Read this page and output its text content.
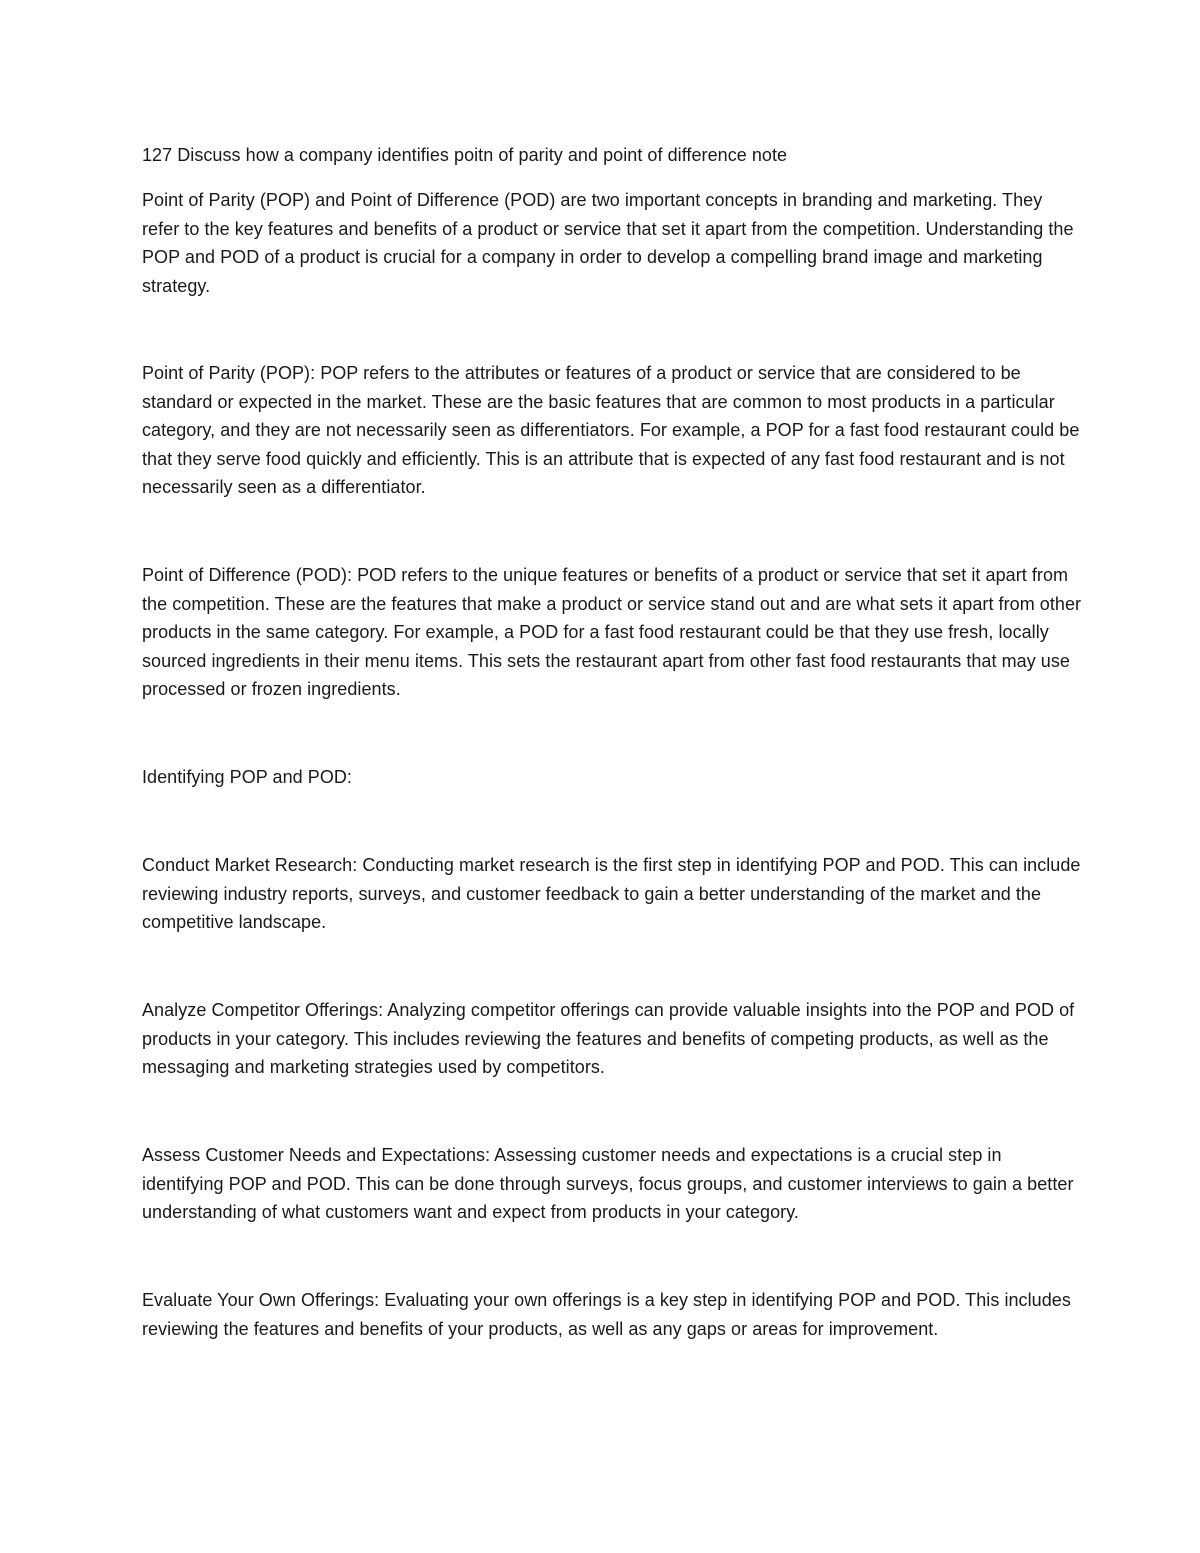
127 Discuss how a company identifies poitn of parity and point of difference note

Point of Parity (POP) and Point of Difference (POD) are two important concepts in branding and marketing. They refer to the key features and benefits of a product or service that set it apart from the competition. Understanding the POP and POD of a product is crucial for a company in order to develop a compelling brand image and marketing strategy.

Point of Parity (POP): POP refers to the attributes or features of a product or service that are considered to be standard or expected in the market. These are the basic features that are common to most products in a particular category, and they are not necessarily seen as differentiators. For example, a POP for a fast food restaurant could be that they serve food quickly and efficiently. This is an attribute that is expected of any fast food restaurant and is not necessarily seen as a differentiator.

Point of Difference (POD): POD refers to the unique features or benefits of a product or service that set it apart from the competition. These are the features that make a product or service stand out and are what sets it apart from other products in the same category. For example, a POD for a fast food restaurant could be that they use fresh, locally sourced ingredients in their menu items. This sets the restaurant apart from other fast food restaurants that may use processed or frozen ingredients.

Identifying POP and POD:

Conduct Market Research: Conducting market research is the first step in identifying POP and POD. This can include reviewing industry reports, surveys, and customer feedback to gain a better understanding of the market and the competitive landscape.

Analyze Competitor Offerings: Analyzing competitor offerings can provide valuable insights into the POP and POD of products in your category. This includes reviewing the features and benefits of competing products, as well as the messaging and marketing strategies used by competitors.

Assess Customer Needs and Expectations: Assessing customer needs and expectations is a crucial step in identifying POP and POD. This can be done through surveys, focus groups, and customer interviews to gain a better understanding of what customers want and expect from products in your category.

Evaluate Your Own Offerings: Evaluating your own offerings is a key step in identifying POP and POD. This includes reviewing the features and benefits of your products, as well as any gaps or areas for improvement.
